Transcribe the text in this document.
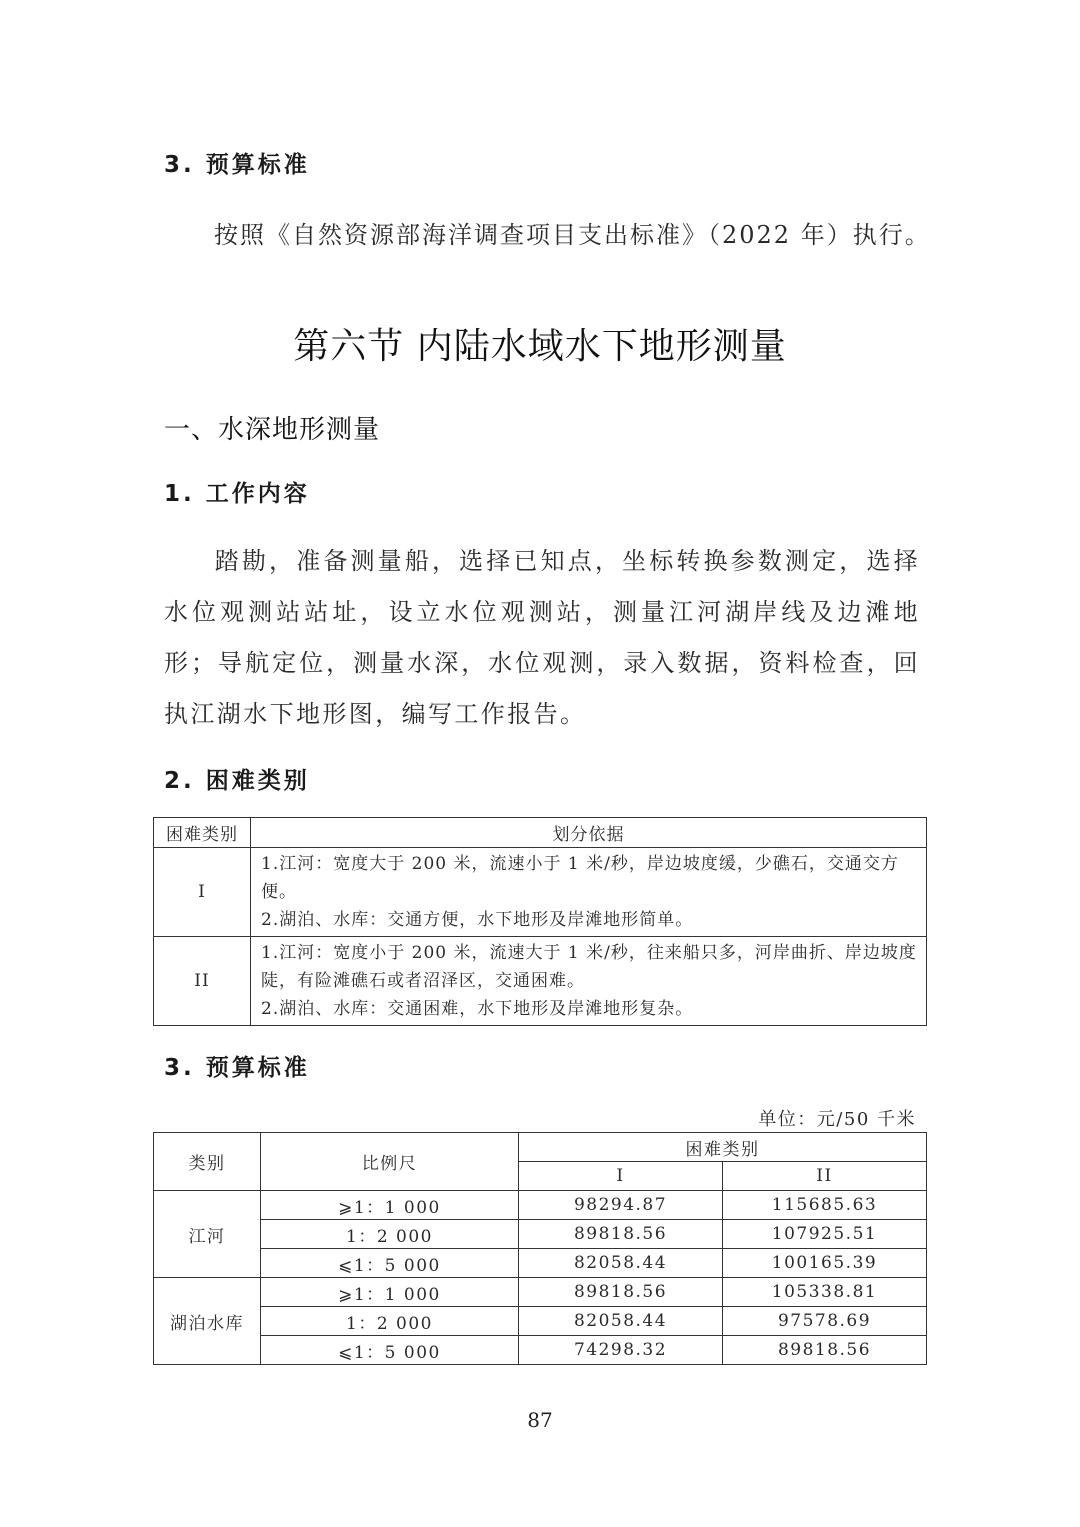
3. 预算标准
按照《自然资源部海洋调查项目支出标准》（2022 年）执行。
第六节 内陆水域水下地形测量
一、水深地形测量
1. 工作内容
踏勘，准备测量船，选择已知点，坐标转换参数测定，选择水位观测站站址，设立水位观测站，测量江河湖岸线及边滩地形；导航定位，测量水深，水位观测，录入数据，资料检查，回执江湖水下地形图，编写工作报告。
2. 困难类别
困难类别	划分依据
I	1.江河：宽度大于 200 米，流速小于 1 米/秒，岸边坡度缓，少礁石，交通交方便。
2.湖泊、水库：交通方便，水下地形及岸滩地形简单。

II	1.江河：宽度小于 200 米，流速大于 1 米/秒，往来船只多，河岸曲折、岸边坡度陡，有险滩礁石或者沼泽区，交通困难。
2.湖泊、水库：交通困难，水下地形及岸滩地形复杂。
3. 预算标准
单位：元/50 千米
类别	比例尺	困难类别	
		I	II
江河	⩾1：1 000	98294.87	115685.63
	1：2 000	89818.56	107925.51
	⩽1：5 000	82058.44	100165.39
湖泊水库	⩾1：1 000	89818.56	105338.81
	1：2 000	82058.44	97578.69
	⩽1：5 000	74298.32	89818.56
87
